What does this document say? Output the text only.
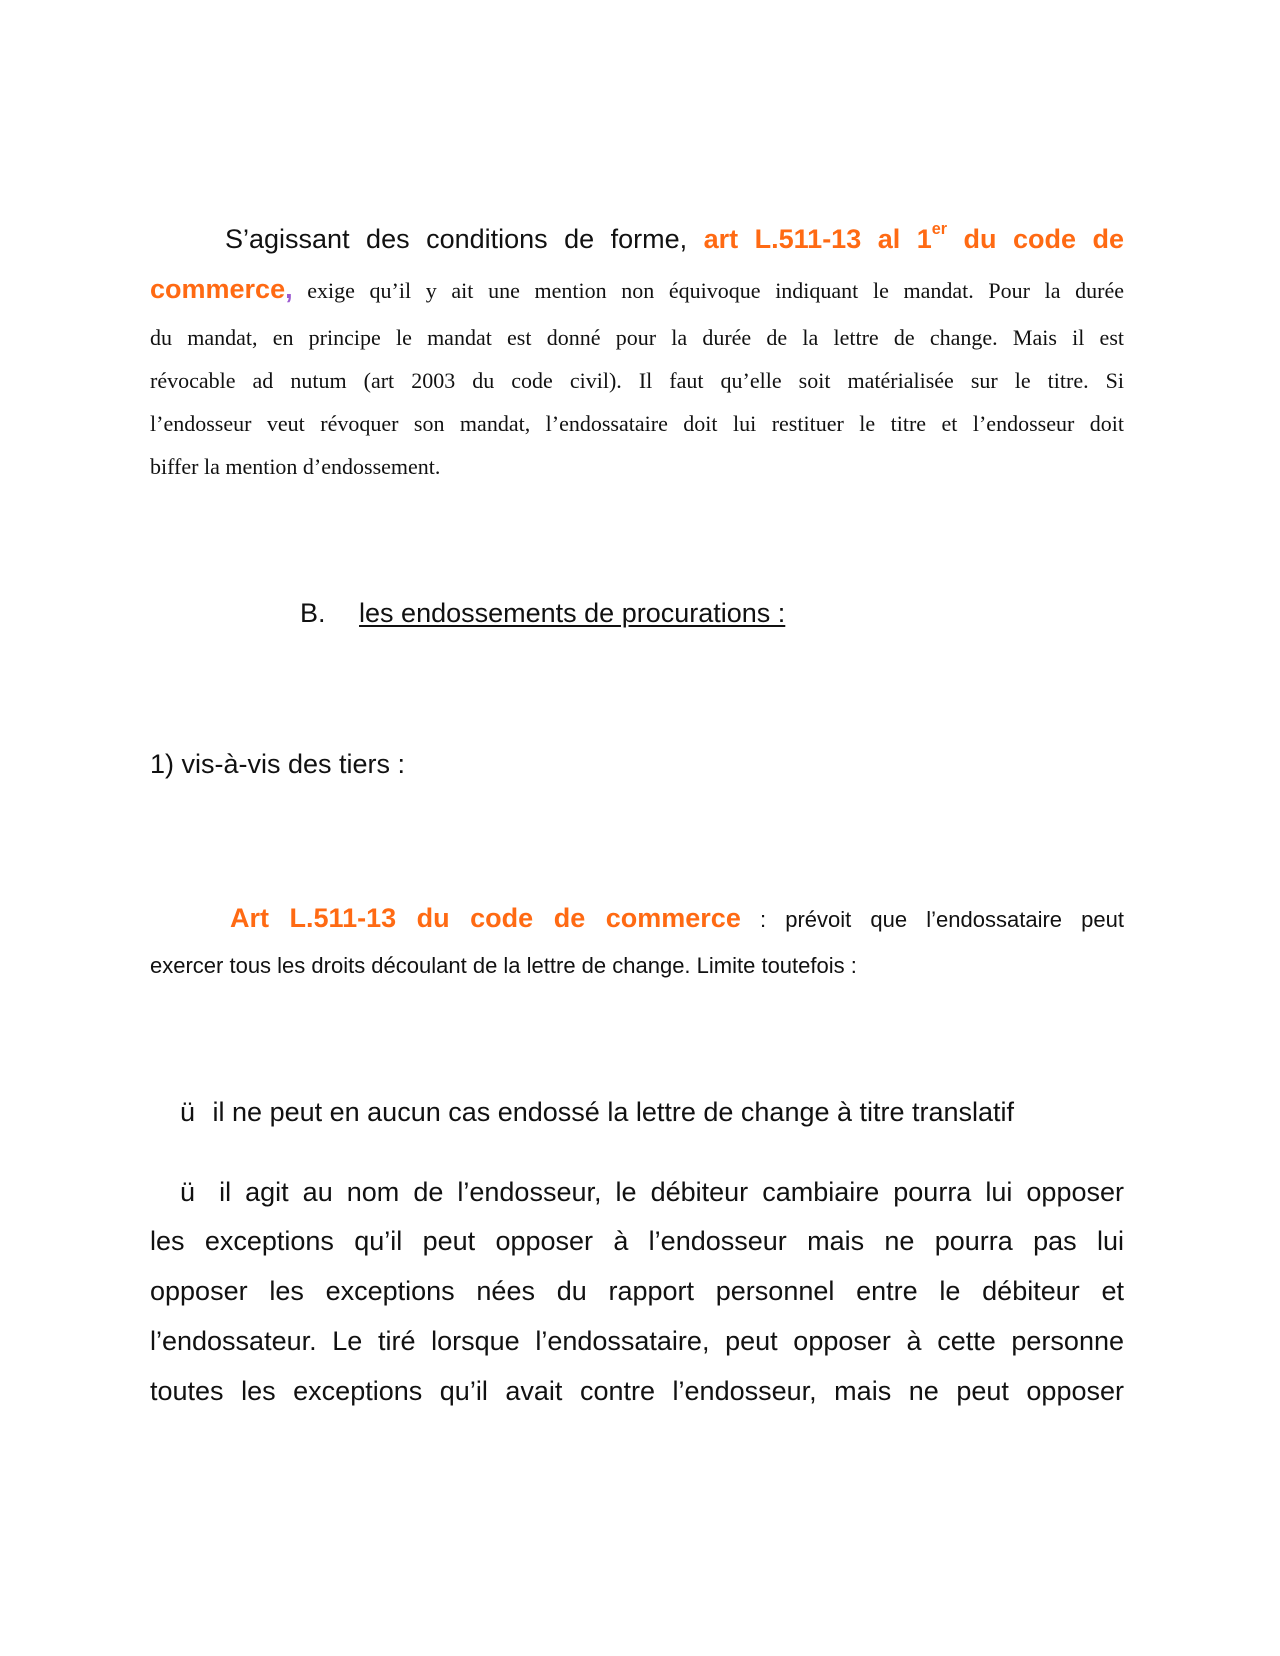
S’agissant des conditions de forme, art L.511-13 al 1er du code de
commerce, exige qu’il y ait une mention non équivoque indiquant le mandat. Pour la durée
du mandat, en principe le mandat est donné pour la durée de la lettre de change. Mais il est
révocable ad nutum (art 2003 du code civil). Il faut qu’elle soit matérialisée sur le titre. Si
l’endosseur veut révoquer son mandat, l’endossataire doit lui restituer le titre et l’endosseur doit
biffer la mention d’endossement.
B. les endossements de procurations :
1) vis-à-vis des tiers :
Art L.511-13 du code de commerce : prévoit que l’endossataire peut
exercer tous les droits découlant de la lettre de change. Limite toutefois :
ü il ne peut en aucun cas endossé la lettre de change à titre translatif
ü il agit au nom de l’endosseur, le débiteur cambiaire pourra lui opposer
les exceptions qu’il peut opposer à l’endosseur mais ne pourra pas lui
opposer les exceptions nées du rapport personnel entre le débiteur et
l’endossateur. Le tiré lorsque l’endossataire, peut opposer à cette personne
toutes les exceptions qu’il avait contre l’endosseur, mais ne peut opposer
